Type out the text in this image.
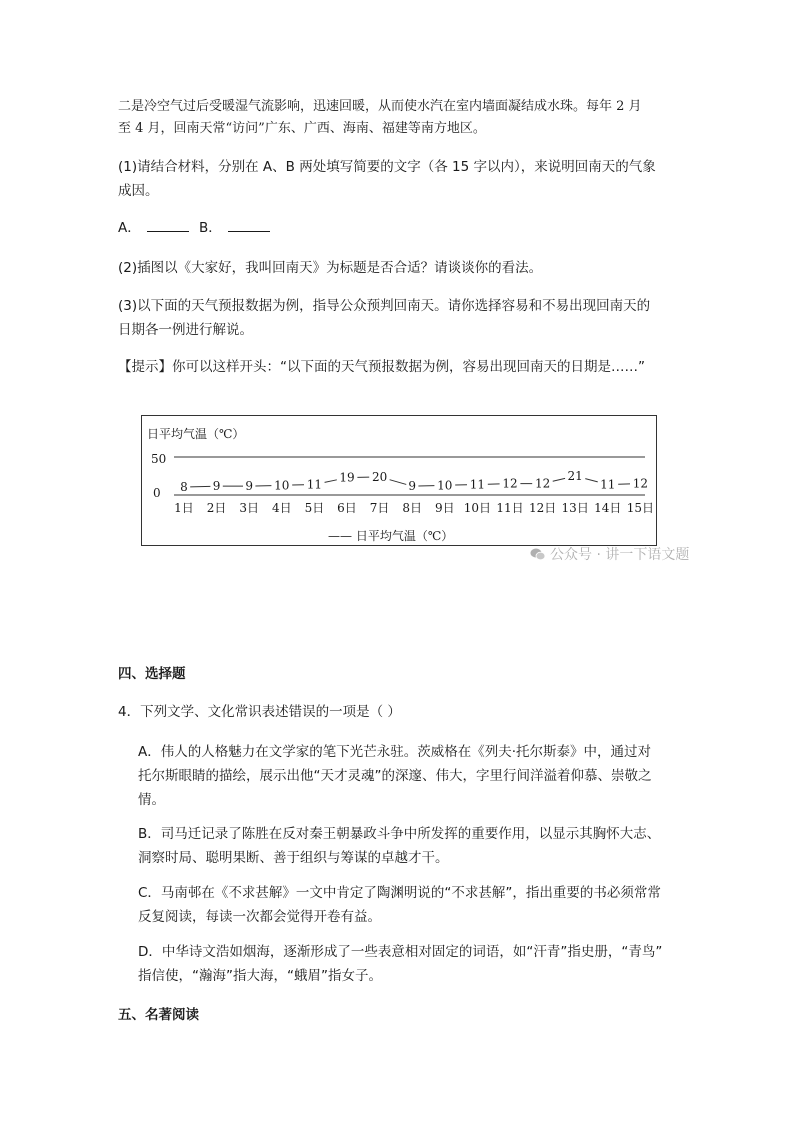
二是冷空气过后受暖湿气流影响，迅速回暖，从而使水汽在室内墙面凝结成水珠。每年 2 月
至 4 月，回南天常“访问”广东、广西、海南、福建等南方地区。

(1)请结合材料，分别在 A、B 两处填写简要的文字（各 15 字以内），来说明回南天的气象
成因。

A．	B．

(2)插图以《大家好，我叫回南天》为标题是否合适？请谈谈你的看法。

(3)以下面的天气预报数据为例，指导公众预判回南天。请你选择容易和不易出现回南天的
日期各一例进行解说。

【提示】你可以这样开头：“以下面的天气预报数据为例，容易出现回南天的日期是……”

日平均气温（℃）
50
0 8 9 9 10 11 19 20
9 10 11 12 12
21
11 12
1日 2日 3日 4日 5日 6日 7日 8日 9日 10日 11日 12日 13日 14日 15日
—— 日平均气温（℃）
公众号 · 讲一下语文题

四、选择题

4．下列文学、文化常识表述错误的一项是（ ）

A．伟人的人格魅力在文学家的笔下光芒永驻。茨威格在《列夫·托尔斯泰》中，通过对
托尔斯眼睛的描绘，展示出他“天才灵魂”的深邃、伟大，字里行间洋溢着仰慕、崇敬之
情。

B．司马迁记录了陈胜在反对秦王朝暴政斗争中所发挥的重要作用，以显示其胸怀大志、
洞察时局、聪明果断、善于组织与筹谋的卓越才干。

C．马南邨在《不求甚解》一文中肯定了陶渊明说的“不求甚解”，指出重要的书必须常常
反复阅读，每读一次都会觉得开卷有益。

D．中华诗文浩如烟海，逐渐形成了一些表意相对固定的词语，如“汗青”指史册，“青鸟”
指信使，“瀚海”指大海，“蛾眉”指女子。

五、名著阅读
